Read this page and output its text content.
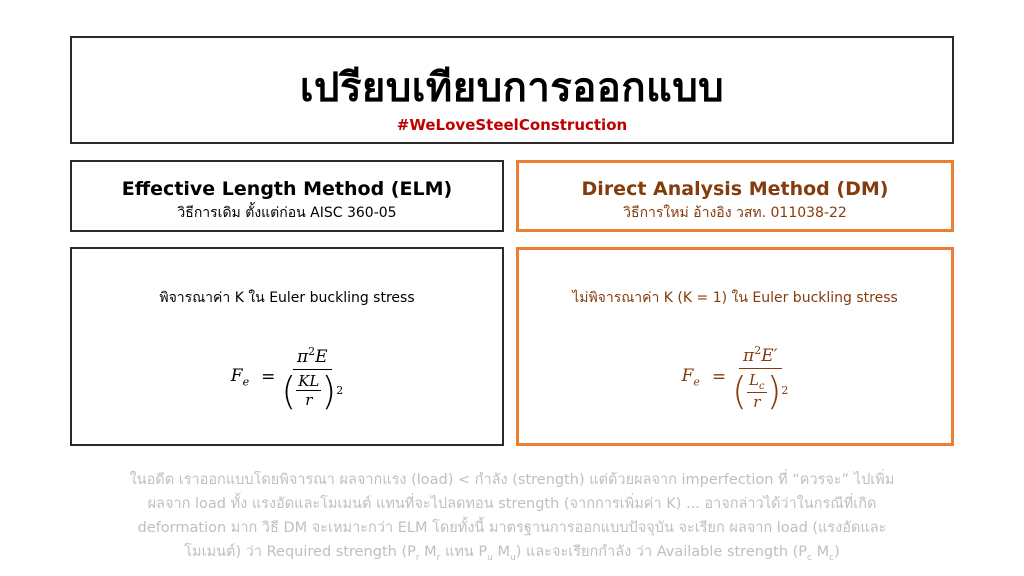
เปรียบเทียบการออกแบบ
#WeLoveSteelConstruction
Effective Length Method (ELM)
วิธีการเดิม ตั้งแต่ก่อน AISC 360-05
Direct Analysis Method (DM)
วิธีการใหม่ อ้างอิง วสท. 011038-22
พิจารณาค่า K ใน Euler buckling stress
$F_e = \frac{\pi^2E}{( \frac{KL}{r} ) 2}$
ไม่พิจารณาค่า K (K = 1) ใน Euler buckling stress
$F_e = \frac{\pi^2E'}{( \frac{L_c}{r} ) 2}$
ในอดีต เราออกแบบโดยพิจารณา ผลจากแรง (load) < กำลัง (strength) แต่ด้วยผลจาก imperfection ที่ “ควรจะ” ไปเพิ่ม
ผลจาก load ทั้ง แรงอัดและโมเมนต์ แทนที่จะไปลดทอน strength (จากการเพิ่มค่า K) ... อาจกล่าวได้ว่าในกรณีที่เกิด
deformation มาก วิธี DM จะเหมาะกว่า ELM โดยทั้งนี้ มาตรฐานการออกแบบปัจจุบัน จะเรียก ผลจาก load (แรงอัดและ
โมเมนต์) ว่า Required strength ($P_r$ $M_r$ แทน $P_u$ $M_u$) และจะเรียกกำลัง ว่า Available strength ($P_c$ $M_c$)
